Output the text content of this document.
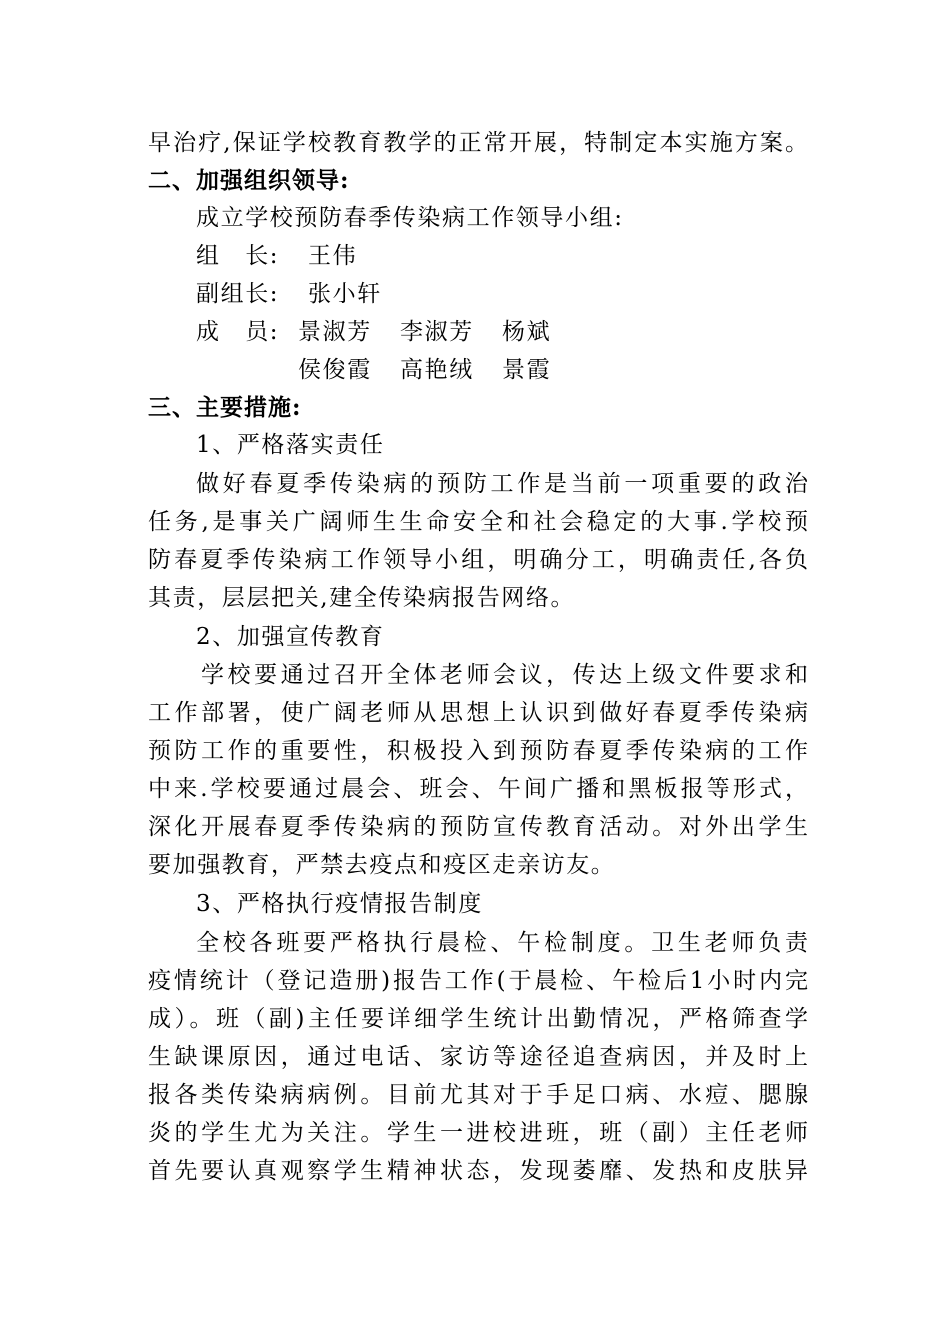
早治疗,保证学校教育教学的正常开展，特制定本实施方案。
二、加强组织领导:
成立学校预防春季传染病工作领导小组:
组　长: 王伟
副组长: 张小轩
成　员: 景淑芳 李淑芳 杨斌
侯俊霞 高艳绒 景霞
三、主要措施:
1、严格落实责任
做好春夏季传染病的预防工作是当前一项重要的政治
任务,是事关广阔师生生命安全和社会稳定的大事.学校预
防春夏季传染病工作领导小组，明确分工，明确责任,各负
其责，层层把关,建全传染病报告网络。
2、加强宣传教育
学校要通过召开全体老师会议，传达上级文件要求和
工作部署，使广阔老师从思想上认识到做好春夏季传染病
预防工作的重要性，积极投入到预防春夏季传染病的工作
中来.学校要通过晨会、班会、午间广播和黑板报等形式，
深化开展春夏季传染病的预防宣传教育活动。对外出学生
要加强教育，严禁去疫点和疫区走亲访友。
3、严格执行疫情报告制度
全校各班要严格执行晨检、午检制度。卫生老师负责
疫情统计（登记造册)报告工作(于晨检、午检后1小时内完
成）。班（副)主任要详细学生统计出勤情况，严格筛查学
生缺课原因，通过电话、家访等途径追查病因，并及时上
报各类传染病病例。目前尤其对于手足口病、水痘、腮腺
炎的学生尤为关注。学生一进校进班，班（副）主任老师
首先要认真观察学生精神状态，发现萎靡、发热和皮肤异
